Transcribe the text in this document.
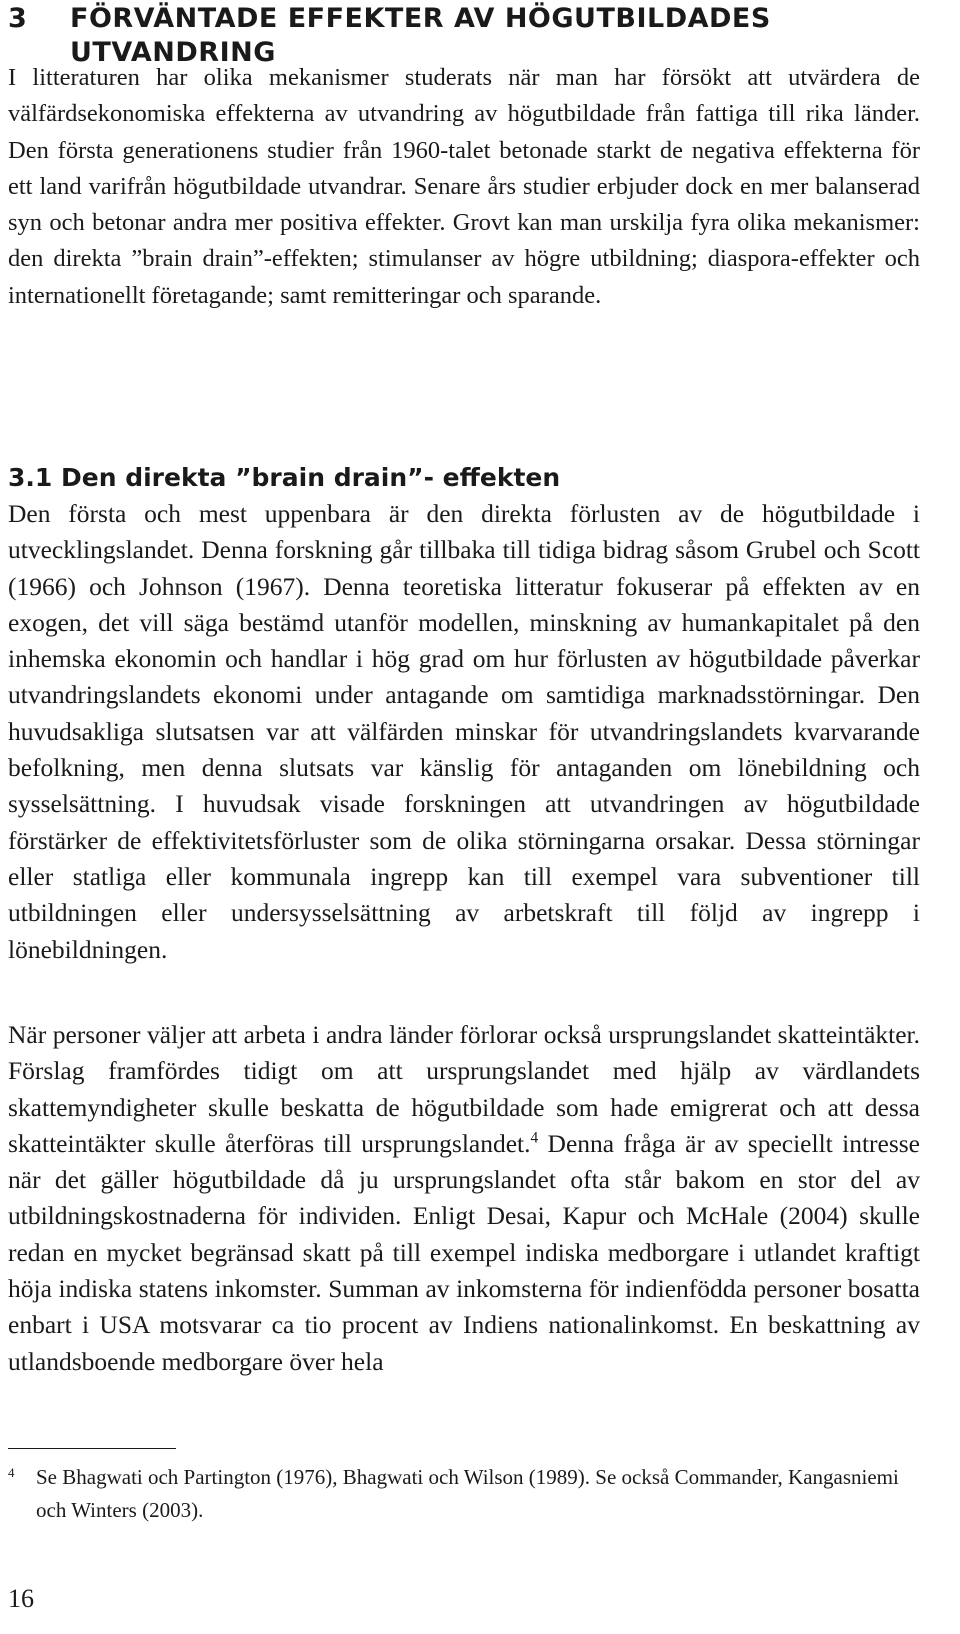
3	FÖRVÄNTADE EFFEKTER AV HÖGUTBILDADES UTVANDRING

I litteraturen har olika mekanismer studerats när man har försökt att utvärdera de välfärdsekonomiska effekterna av utvandring av högutbildade från fattiga till rika länder. Den första generationens studier från 1960-talet betonade starkt de negativa effekterna för ett land varifrån högutbildade utvandrar. Senare års studier erbjuder dock en mer balanserad syn och betonar andra mer positiva effekter. Grovt kan man urskilja fyra olika mekanismer: den direkta ”brain drain”-effekten; stimulanser av högre utbildning; diaspora-effekter och internationellt företagande; samt remitteringar och sparande.

3.1 Den direkta ”brain drain”- effekten

Den första och mest uppenbara är den direkta förlusten av de högutbildade i utvecklingslandet. Denna forskning går tillbaka till tidiga bidrag såsom Grubel och Scott (1966) och Johnson (1967). Denna teoretiska litteratur fokuserar på effekten av en exogen, det vill säga bestämd utanför modellen, minskning av humankapitalet på den inhemska ekonomin och handlar i hög grad om hur förlusten av högutbildade påverkar utvandringslandets ekonomi under antagande om samtidiga marknadsstörningar. Den huvudsakliga slutsatsen var att välfärden minskar för utvandringslandets kvarvarande befolkning, men denna slutsats var känslig för antaganden om lönebildning och sysselsättning. I huvudsak visade forskningen att utvandringen av högutbildade förstärker de effektivitetsförluster som de olika störningarna orsakar. Dessa störningar eller statliga eller kommunala ingrepp kan till exempel vara subventioner till utbildningen eller undersysselsättning av arbetskraft till följd av ingrepp i lönebildningen.

När personer väljer att arbeta i andra länder förlorar också ursprungslandet skatteintäkter. Förslag framfördes tidigt om att ursprungslandet med hjälp av värdlandets skattemyndigheter skulle beskatta de högutbildade som hade emigrerat och att dessa skatteintäkter skulle återföras till ursprungslandet.$^4$ Denna fråga är av speciellt intresse när det gäller högutbildade då ju ursprungslandet ofta står bakom en stor del av utbildningskostnaderna för individen. Enligt Desai, Kapur och McHale (2004) skulle redan en mycket begränsad skatt på till exempel indiska medborgare i utlandet kraftigt höja indiska statens inkomster. Summan av inkomsterna för indienfödda personer bosatta enbart i USA motsvarar ca tio procent av Indiens nationalinkomst. En beskattning av utlandsboende medborgare över hela

4	Se Bhagwati och Partington (1976), Bhagwati och Wilson (1989). Se också Commander, Kangasniemi och Winters (2003).
16
